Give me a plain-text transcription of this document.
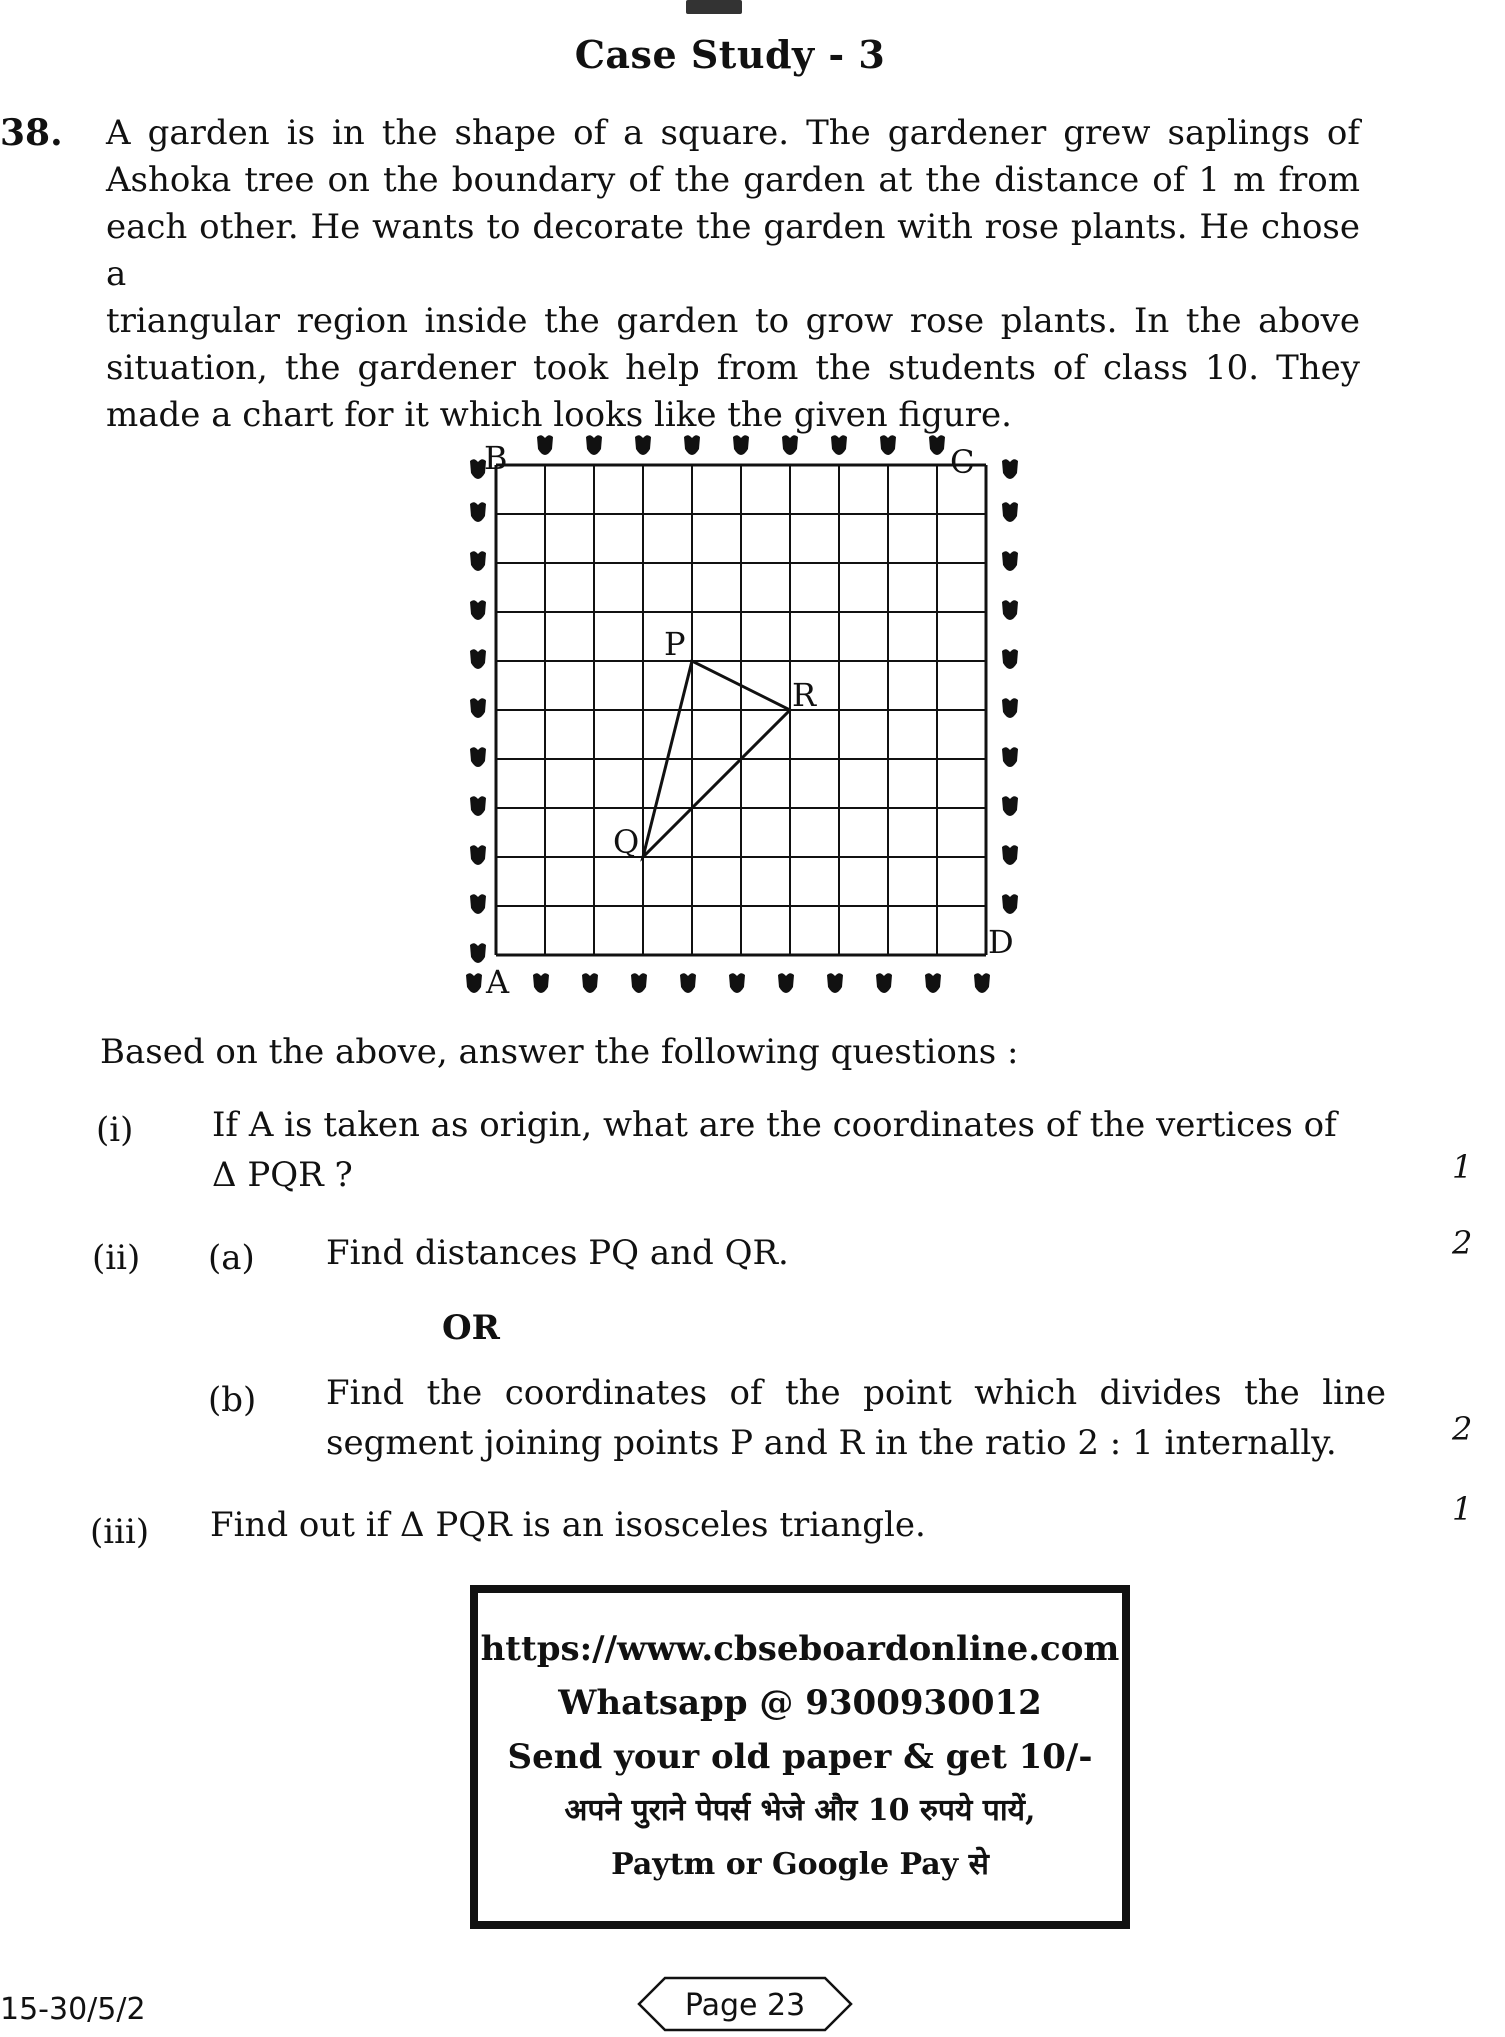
Case Study - 3
38. A garden is in the shape of a square. The gardener grew saplings of
Ashoka tree on the boundary of the garden at the distance of 1 m from
each other. He wants to decorate the garden with rose plants. He chose a
triangular region inside the garden to grow rose plants. In the above
situation, the gardener took help from the students of class 10. They
made a chart for it which looks like the given figure.
B	C
A
D
P
Q
R
Based on the above, answer the following questions :
(i) If A is taken as origin, what are the coordinates of the vertices of
Δ PQR ?	1
(ii) (a) Find distances PQ and QR.	2
OR
(b) Find the coordinates of the point which divides the line
segment joining points P and R in the ratio 2 : 1 internally.	2
(iii) Find out if Δ PQR is an isosceles triangle.	1
https://www.cbseboardonline.com
Whatsapp @ 9300930012
Send your old paper & get 10/-
अपने पुराने पेपर्स भेजे और 10 रुपये पायें,
Paytm or Google Pay से
15-30/5/2	Page 23
